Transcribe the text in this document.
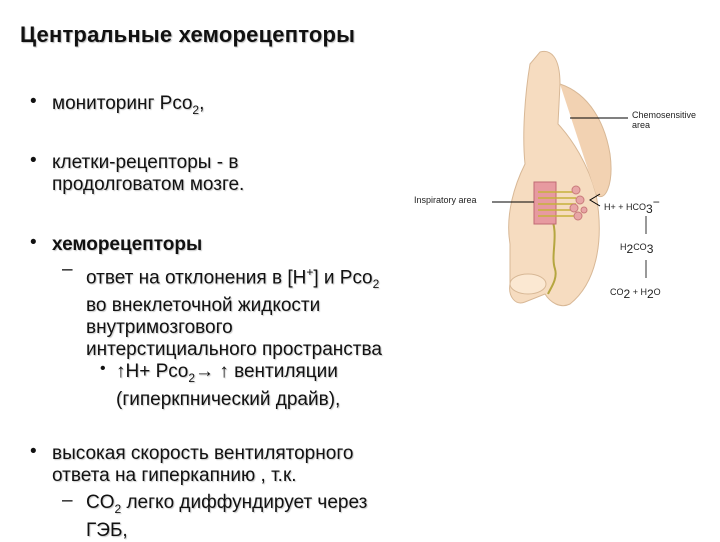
Центральные хеморецепторы
• мониторинг Pco$_2$,
• клетки-рецепторы - в
продолговатом мозге.
• хеморецепторы
– ответ на отклонения в [H+] и Pco$_2$
во внеклеточной жидкости
внутримозгового
интерстициального пространства
• ↑H+ Pco$_2$→ ↑ вентиляции
(гиперкпнический драйв),
• высокая скорость вентиляторного
ответа на гиперкапнию , т.к.
– $CO_2$ легко диффундирует через
ГЭБ,
Chemosensitive
area
Inspiratory area
$H+ + HCO_3^-$
$H_2CO_3$
$CO_2 + H_2O$
